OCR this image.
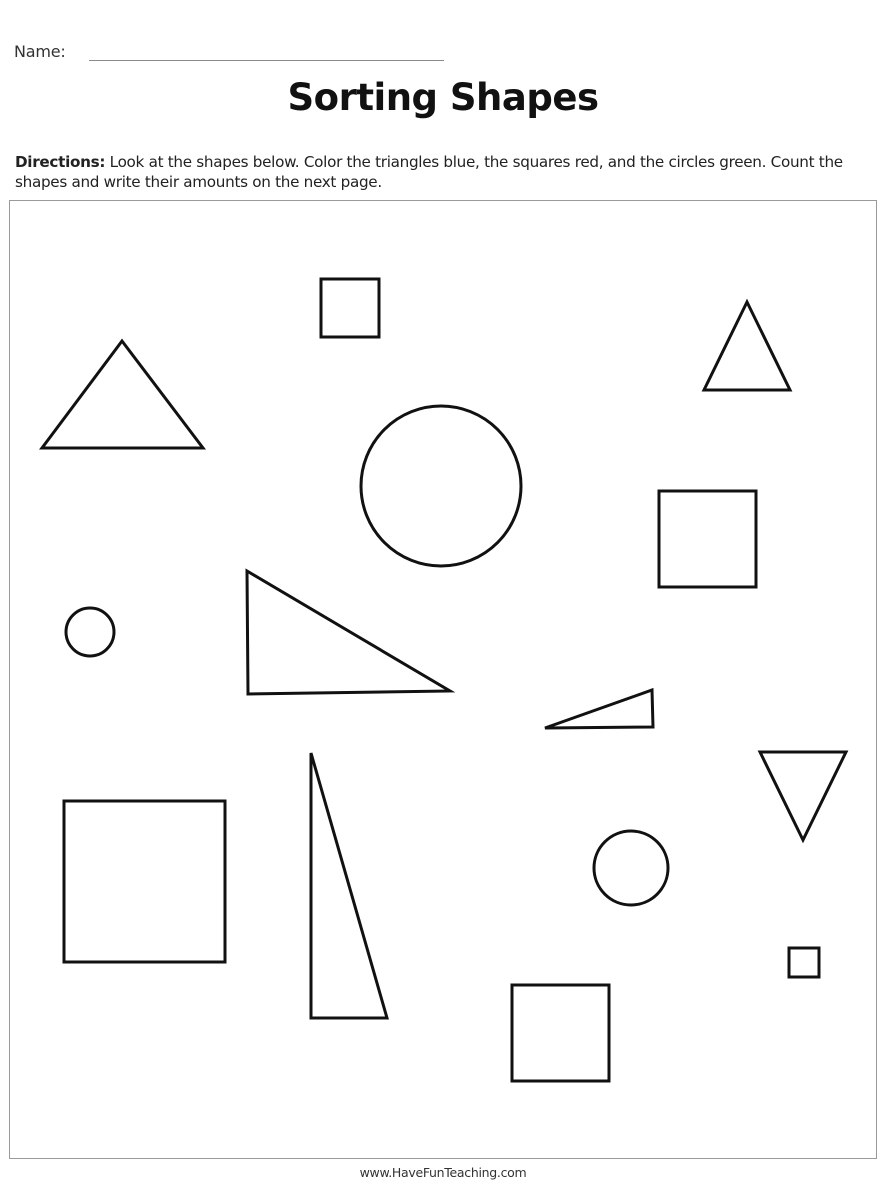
Name:
Sorting Shapes
Directions: Look at the shapes below. Color the triangles blue, the squares red, and the circles green. Count the shapes and write their amounts on the next page.
www.HaveFunTeaching.com
